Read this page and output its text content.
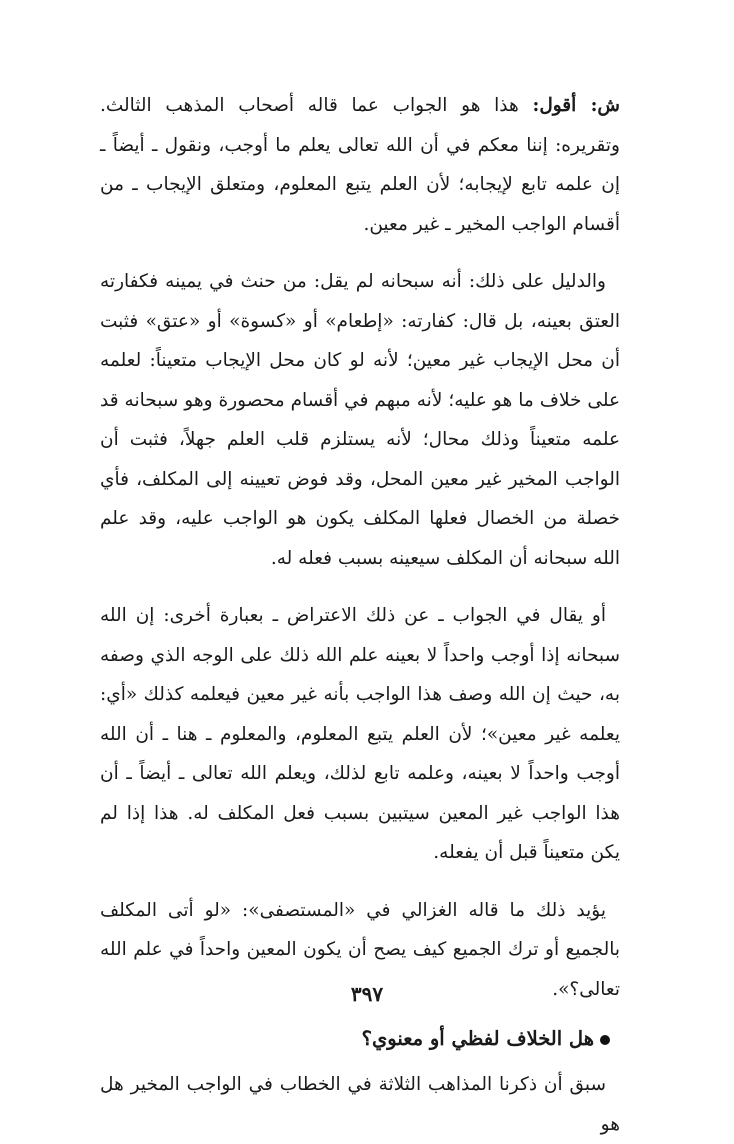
ش: أقول: هذا هو الجواب عما قاله أصحاب المذهب الثالث. وتقريره: إننا معكم في أن الله تعالى يعلم ما أوجب، ونقول ـ أيضاً ـ إن علمه تابع لإيجابه؛ لأن العلم يتبع المعلوم، ومتعلق الإيجاب ـ من أقسام الواجب المخير ـ غير معين.

والدليل على ذلك: أنه سبحانه لم يقل: من حنث في يمينه فكفارته العتق بعينه، بل قال: كفارته: «إطعام» أو «كسوة» أو «عتق» فثبت أن محل الإيجاب غير معين؛ لأنه لو كان محل الإيجاب متعيناً: لعلمه على خلاف ما هو عليه؛ لأنه مبهم في أقسام محصورة وهو سبحانه قد علمه متعيناً وذلك محال؛ لأنه يستلزم قلب العلم جهلاً، فثبت أن الواجب المخير غير معين المحل، وقد فوض تعيينه إلى المكلف، فأي خصلة من الخصال فعلها المكلف يكون هو الواجب عليه، وقد علم الله سبحانه أن المكلف سيعينه بسبب فعله له.

أو يقال في الجواب ـ عن ذلك الاعتراض ـ بعبارة أخرى: إن الله سبحانه إذا أوجب واحداً لا بعينه علم الله ذلك على الوجه الذي وصفه به، حيث إن الله وصف هذا الواجب بأنه غير معين فيعلمه كذلك «أي: يعلمه غير معين»؛ لأن العلم يتبع المعلوم، والمعلوم ـ هنا ـ أن الله أوجب واحداً لا بعينه، وعلمه تابع لذلك، ويعلم الله تعالى ـ أيضاً ـ أن هذا الواجب غير المعين سيتبين بسبب فعل المكلف له. هذا إذا لم يكن متعيناً قبل أن يفعله.

يؤيد ذلك ما قاله الغزالي في «المستصفى»: «لو أتى المكلف بالجميع أو ترك الجميع كيف يصح أن يكون المعين واحداً في علم الله تعالى؟».

هل الخلاف لفظي أو معنوي؟

سبق أن ذكرنا المذاهب الثلاثة في الخطاب في الواجب المخير هل هو

٣٩٧
